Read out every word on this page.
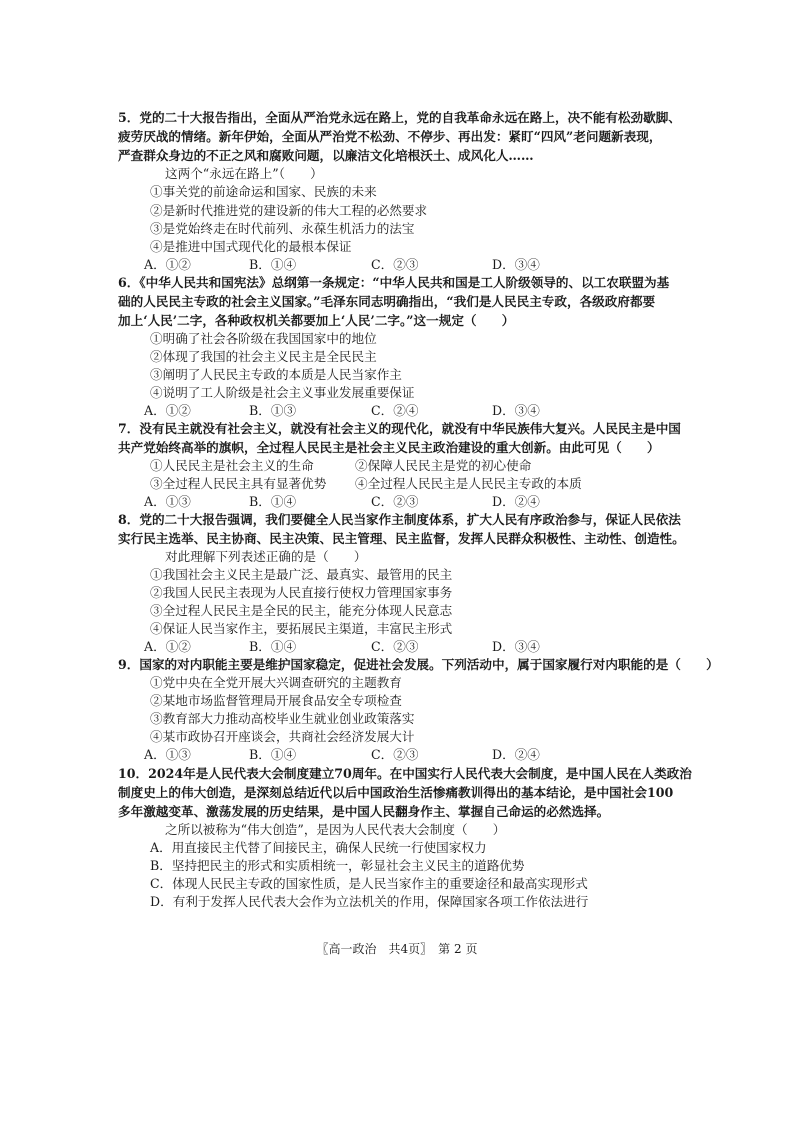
5．党的二十大报告指出，全面从严治党永远在路上，党的自我革命永远在路上，决不能有松劲歇脚、
疲劳厌战的情绪。新年伊始，全面从严治党不松劲、不停步、再出发：紧盯“四风”老问题新表现，
严查群众身边的不正之风和腐败问题，以廉洁文化培根沃土、成风化人……
这两个“永远在路上”（　　）
①事关党的前途命运和国家、民族的未来
②是新时代推进党的建设新的伟大工程的必然要求
③是党始终走在时代前列、永葆生机活力的法宝
④是推进中国式现代化的最根本保证
A．①②	B．①④	C．②③	D．③④
6．《中华人民共和国宪法》总纲第一条规定：“中华人民共和国是工人阶级领导的、以工农联盟为基
础的人民民主专政的社会主义国家。”毛泽东同志明确指出，“我们是人民民主专政，各级政府都要
加上‘人民’二字，各种政权机关都要加上‘人民’二字。”这一规定（　　）
①明确了社会各阶级在我国国家中的地位
②体现了我国的社会主义民主是全民民主
③阐明了人民民主专政的本质是人民当家作主
④说明了工人阶级是社会主义事业发展重要保证
A．①②	B．①③	C．②④	D．③④
7．没有民主就没有社会主义，就没有社会主义的现代化，就没有中华民族伟大复兴。人民民主是中国
共产党始终高举的旗帜，全过程人民民主是社会主义民主政治建设的重大创新。由此可见（　　）
①人民民主是社会主义的生命	②保障人民民主是党的初心使命
③全过程人民民主具有显著优势 ④全过程人民民主是人民民主专政的本质
A．①③	B．①④	C．②③	D．②④
8．党的二十大报告强调，我们要健全人民当家作主制度体系，扩大人民有序政治参与，保证人民依法
实行民主选举、民主协商、民主决策、民主管理、民主监督，发挥人民群众积极性、主动性、创造性。
对此理解下列表述正确的是（　　）
①我国社会主义民主是最广泛、最真实、最管用的民主
②我国人民民主表现为人民直接行使权力管理国家事务
③全过程人民民主是全民的民主，能充分体现人民意志
④保证人民当家作主，要拓展民主渠道，丰富民主形式
A．①②	B．①④	C．②③	D．③④
9．国家的对内职能主要是维护国家稳定，促进社会发展。下列活动中，属于国家履行对内职能的是（　　）
①党中央在全党开展大兴调查研究的主题教育
②某地市场监督管理局开展食品安全专项检查
③教育部大力推动高校毕业生就业创业政策落实
④某市政协召开座谈会，共商社会经济发展大计
A．①③	B．①④	C．②③	D．②④
10．2024年是人民代表大会制度建立70周年。在中国实行人民代表大会制度，是中国人民在人类政治
制度史上的伟大创造，是深刻总结近代以后中国政治生活惨痛教训得出的基本结论，是中国社会100
多年激越变革、激荡发展的历史结果，是中国人民翻身作主、掌握自己命运的必然选择。
之所以被称为“伟大创造”，是因为人民代表大会制度（　　）
A．用直接民主代替了间接民主，确保人民统一行使国家权力
B．坚持把民主的形式和实质相统一，彰显社会主义民主的道路优势
C．体现人民民主专政的国家性质，是人民当家作主的重要途径和最高实现形式
D．有利于发挥人民代表大会作为立法机关的作用，保障国家各项工作依法进行
〖高一政治　共4页〗　第 2 页
